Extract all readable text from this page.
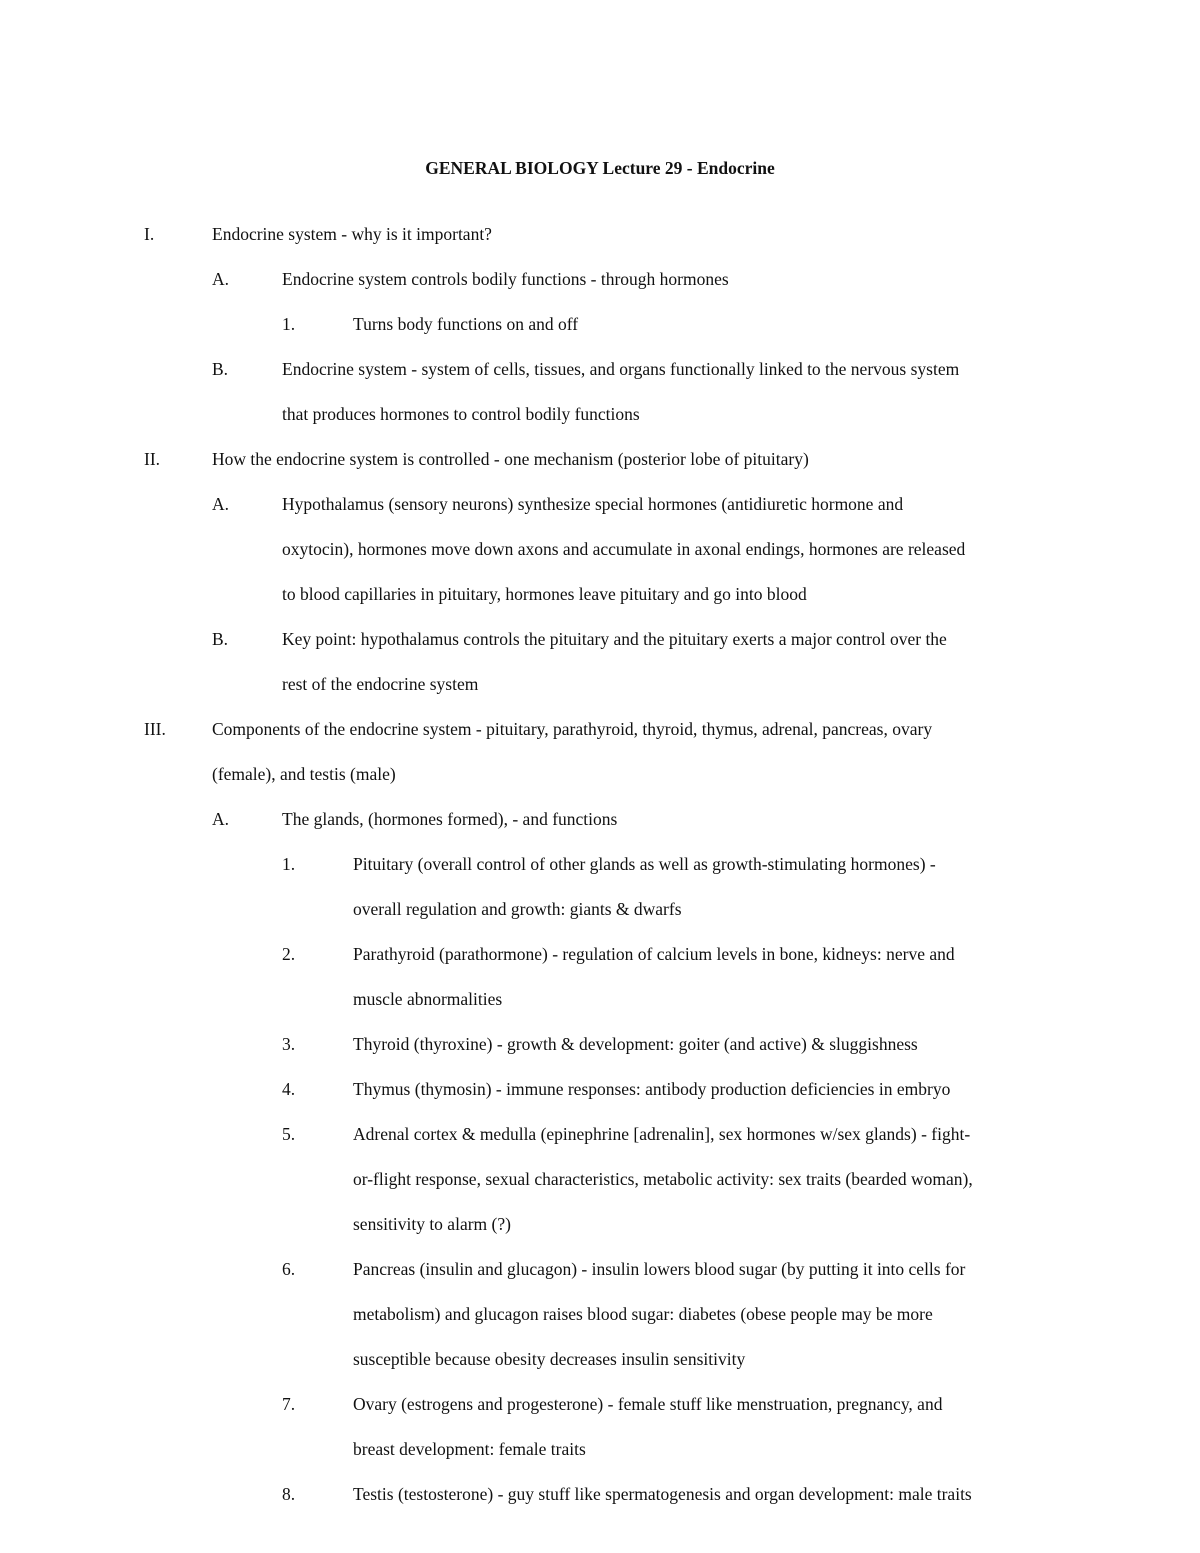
GENERAL BIOLOGY Lecture 29 - Endocrine
I.	Endocrine system - why is it important?
A.	Endocrine system controls bodily functions - through hormones
1.	Turns body functions on and off
B.	Endocrine system - system of cells, tissues, and organs functionally linked to the nervous system
that produces hormones to control bodily functions
II.	How the endocrine system is controlled - one mechanism (posterior lobe of pituitary)
A.	Hypothalamus (sensory neurons) synthesize special hormones (antidiuretic hormone and
oxytocin), hormones move down axons and accumulate in axonal endings, hormones are released
to blood capillaries in pituitary, hormones leave pituitary and go into blood
B.	Key point: hypothalamus controls the pituitary and the pituitary exerts a major control over the
rest of the endocrine system
III.	Components of the endocrine system - pituitary, parathyroid, thyroid, thymus, adrenal, pancreas, ovary
(female), and testis (male)
A.	The glands, (hormones formed), - and functions
1.	Pituitary (overall control of other glands as well as growth-stimulating hormones) -
overall regulation and growth: giants & dwarfs
2.	Parathyroid (parathormone) - regulation of calcium levels in bone, kidneys: nerve and
muscle abnormalities
3.	Thyroid (thyroxine) - growth & development: goiter (and active) & sluggishness
4.	Thymus (thymosin) - immune responses: antibody production deficiencies in embryo
5.	Adrenal cortex & medulla (epinephrine [adrenalin], sex hormones w/sex glands) - fight-
or-flight response, sexual characteristics, metabolic activity: sex traits (bearded woman),
sensitivity to alarm (?)
6.	Pancreas (insulin and glucagon) - insulin lowers blood sugar (by putting it into cells for
metabolism) and glucagon raises blood sugar: diabetes (obese people may be more
susceptible because obesity decreases insulin sensitivity
7.	Ovary (estrogens and progesterone) - female stuff like menstruation, pregnancy, and
breast development: female traits
8.	Testis (testosterone) - guy stuff like spermatogenesis and organ development: male traits
